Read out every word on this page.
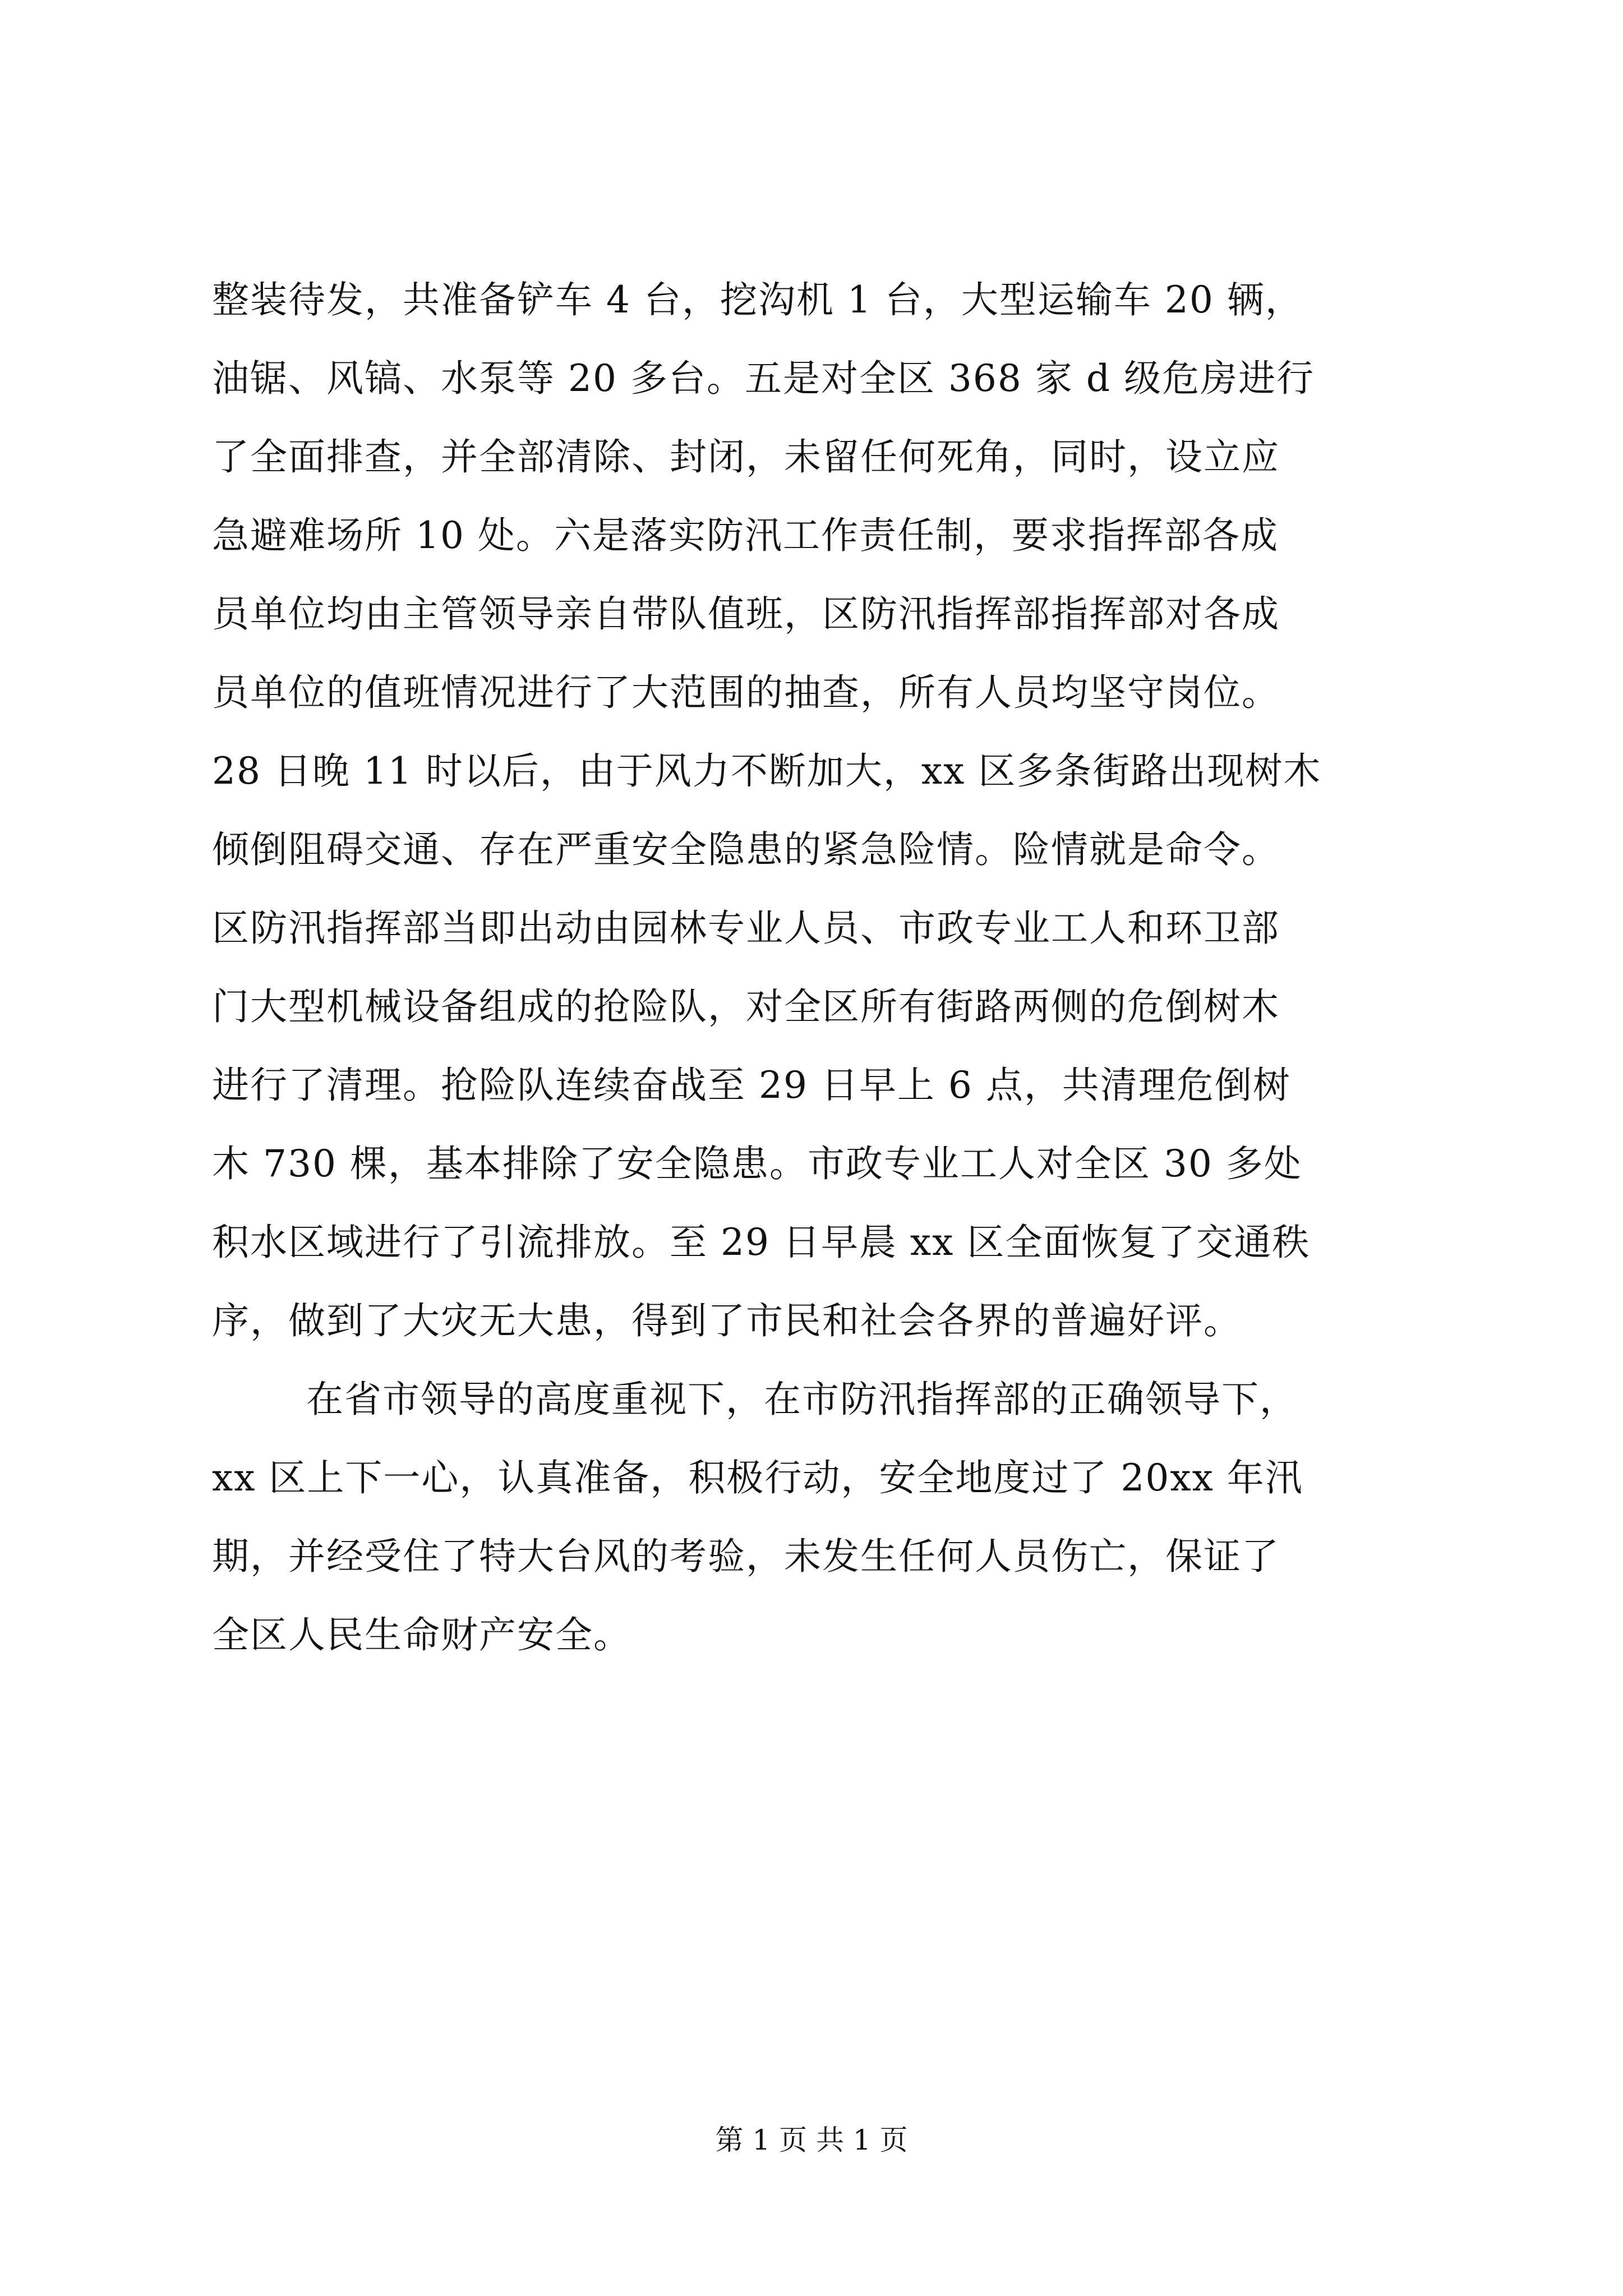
整装待发，共准备铲车 4 台，挖沟机 1 台，大型运输车 20 辆，
油锯、风镐、水泵等 20 多台。五是对全区 368 家 d 级危房进行
了全面排查，并全部清除、封闭，未留任何死角，同时，设立应
急避难场所 10 处。六是落实防汛工作责任制，要求指挥部各成
员单位均由主管领导亲自带队值班，区防汛指挥部指挥部对各成
员单位的值班情况进行了大范围的抽查，所有人员均坚守岗位。
28 日晚 11 时以后，由于风力不断加大，xx 区多条街路出现树木
倾倒阻碍交通、存在严重安全隐患的紧急险情。险情就是命令。
区防汛指挥部当即出动由园林专业人员、市政专业工人和环卫部
门大型机械设备组成的抢险队，对全区所有街路两侧的危倒树木
进行了清理。抢险队连续奋战至 29 日早上 6 点，共清理危倒树
木 730 棵，基本排除了安全隐患。市政专业工人对全区 30 多处
积水区域进行了引流排放。至 29 日早晨 xx 区全面恢复了交通秩
序，做到了大灾无大患，得到了市民和社会各界的普遍好评。
在省市领导的高度重视下，在市防汛指挥部的正确领导下，
xx 区上下一心，认真准备，积极行动，安全地度过了 20xx 年汛
期，并经受住了特大台风的考验，未发生任何人员伤亡，保证了
全区人民生命财产安全。
第 1 页 共 1 页
